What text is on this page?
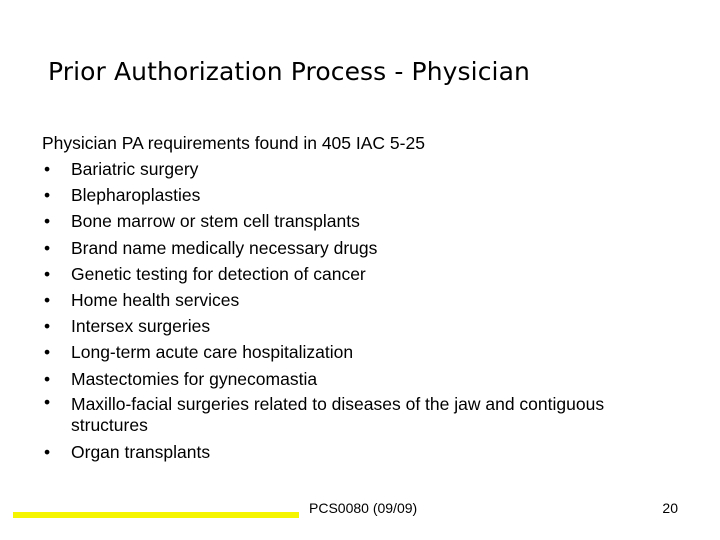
Prior Authorization Process - Physician
Physician PA requirements found in 405 IAC 5-25
• Bariatric surgery
• Blepharoplasties
• Bone marrow or stem cell transplants
• Brand name medically necessary drugs
• Genetic testing for detection of cancer
• Home health services
• Intersex surgeries
• Long-term acute care hospitalization
• Mastectomies for gynecomastia
• Maxillo-facial surgeries related to diseases of the jaw and contiguous structures
• Organ transplants
PCS0080 (09/09)	20
